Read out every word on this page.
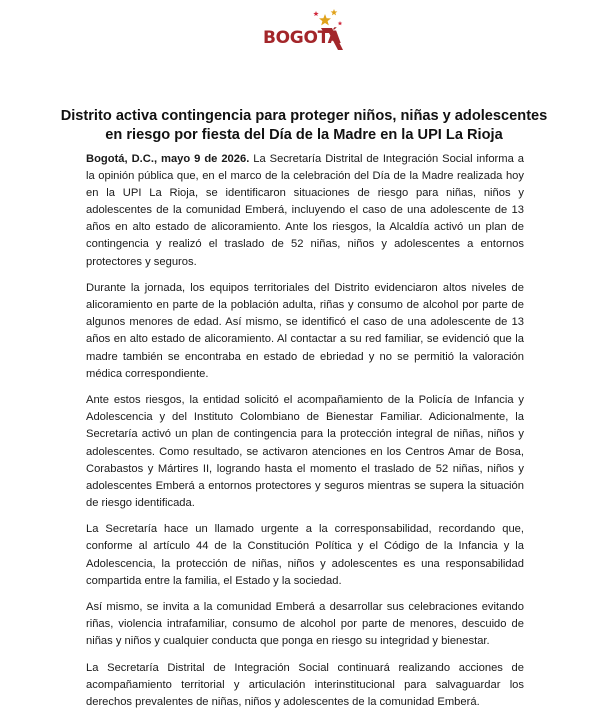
BOGOTÁ
Distrito activa contingencia para proteger niños, niñas y adolescentes en riesgo por fiesta del Día de la Madre en la UPI La Rioja

Bogotá, D.C., mayo 9 de 2026. La Secretaría Distrital de Integración Social informa a la opinión pública que, en el marco de la celebración del Día de la Madre realizada hoy en la UPI La Rioja, se identificaron situaciones de riesgo para niñas, niños y adolescentes de la comunidad Emberá, incluyendo el caso de una adolescente de 13 años en alto estado de alicoramiento. Ante los riesgos, la Alcaldía activó un plan de contingencia y realizó el traslado de 52 niñas, niños y adolescentes a entornos protectores y seguros.

Durante la jornada, los equipos territoriales del Distrito evidenciaron altos niveles de alicoramiento en parte de la población adulta, riñas y consumo de alcohol por parte de algunos menores de edad. Así mismo, se identificó el caso de una adolescente de 13 años en alto estado de alicoramiento. Al contactar a su red familiar, se evidenció que la madre también se encontraba en estado de ebriedad y no se permitió la valoración médica correspondiente.

Ante estos riesgos, la entidad solicitó el acompañamiento de la Policía de Infancia y Adolescencia y del Instituto Colombiano de Bienestar Familiar. Adicionalmente, la Secretaría activó un plan de contingencia para la protección integral de niñas, niños y adolescentes. Como resultado, se activaron atenciones en los Centros Amar de Bosa, Corabastos y Mártires II, logrando hasta el momento el traslado de 52 niñas, niños y adolescentes Emberá a entornos protectores y seguros mientras se supera la situación de riesgo identificada.

La Secretaría hace un llamado urgente a la corresponsabilidad, recordando que, conforme al artículo 44 de la Constitución Política y el Código de la Infancia y la Adolescencia, la protección de niñas, niños y adolescentes es una responsabilidad compartida entre la familia, el Estado y la sociedad.

Así mismo, se invita a la comunidad Emberá a desarrollar sus celebraciones evitando riñas, violencia intrafamiliar, consumo de alcohol por parte de menores, descuido de niñas y niños y cualquier conducta que ponga en riesgo su integridad y bienestar.

La Secretaría Distrital de Integración Social continuará realizando acciones de acompañamiento territorial y articulación interinstitucional para salvaguardar los derechos prevalentes de niñas, niños y adolescentes de la comunidad Emberá.
